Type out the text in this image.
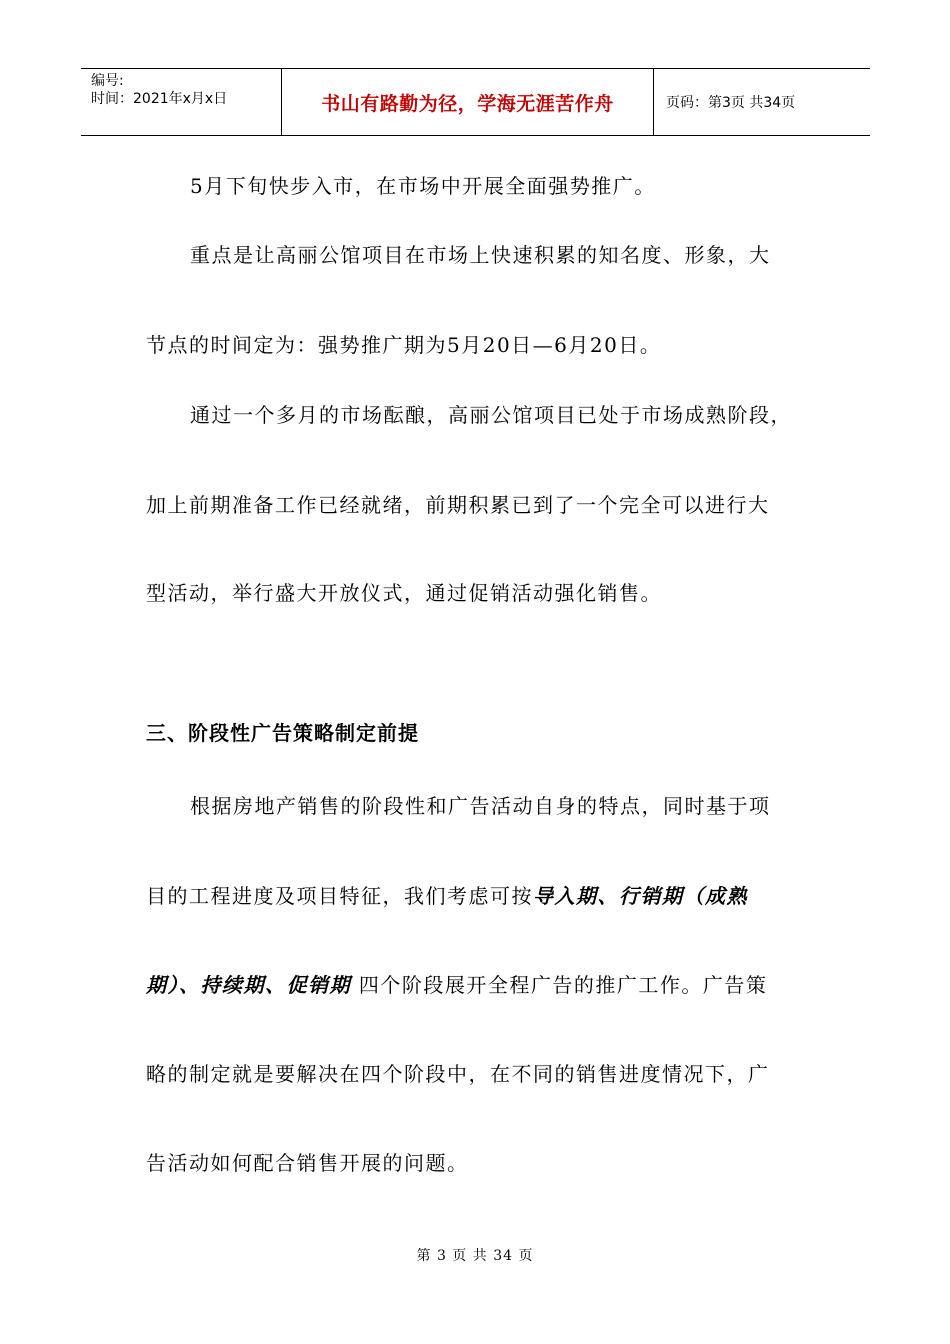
编号:
时间：2021年x月x日	书山有路勤为径，学海无涯苦作舟	页码：第3页 共34页
5月下旬快步入市，在市场中开展全面强势推广。
重点是让高丽公馆项目在市场上快速积累的知名度、形象，大
节点的时间定为：强势推广期为5月20日—6月20日。
通过一个多月的市场酝酿，高丽公馆项目已处于市场成熟阶段，
加上前期准备工作已经就绪，前期积累已到了一个完全可以进行大
型活动，举行盛大开放仪式，通过促销活动强化销售。
三、阶段性广告策略制定前提
根据房地产销售的阶段性和广告活动自身的特点，同时基于项
目的工程进度及项目特征，我们考虑可按导入期、行销期（成熟
期）、持续期、促销期 四个阶段展开全程广告的推广工作。广告策
略的制定就是要解决在四个阶段中，在不同的销售进度情况下，广
告活动如何配合销售开展的问题。
第 3 页 共 34 页
